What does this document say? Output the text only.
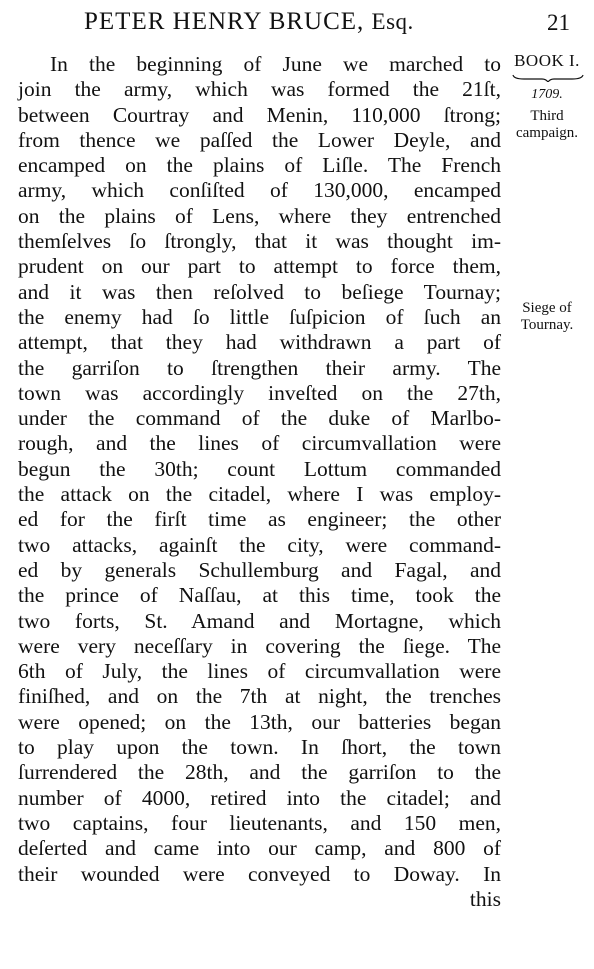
PETER HENRY BRUCE, Esq.	21
BOOK I.
1709.
Third
campaign.
Siege of
Tournay.
In the beginning of June we marched to
join the army, which was formed the 21ſt,
between Courtray and Menin, 110,000 ſtrong;
from thence we paſſed the Lower Deyle, and
encamped on the plains of Liſle. The French
army, which conſiſted of 130,000, encamped
on the plains of Lens, where they entrenched
themſelves ſo ſtrongly, that it was thought im-
prudent on our part to attempt to force them,
and it was then reſolved to beſiege Tournay;
the enemy had ſo little ſuſpicion of ſuch an
attempt, that they had withdrawn a part of
the garriſon to ſtrengthen their army. The
town was accordingly inveſted on the 27th,
under the command of the duke of Marlbo-
rough, and the lines of circumvallation were
begun the 30th; count Lottum commanded
the attack on the citadel, where I was employ-
ed for the firſt time as engineer; the other
two attacks, againſt the city, were command-
ed by generals Schullemburg and Fagal, and
the prince of Naſſau, at this time, took the
two forts, St. Amand and Mortagne, which
were very neceſſary in covering the ſiege. The
6th of July, the lines of circumvallation were
finiſhed, and on the 7th at night, the trenches
were opened; on the 13th, our batteries began
to play upon the town. In ſhort, the town
ſurrendered the 28th, and the garriſon to the
number of 4000, retired into the citadel; and
two captains, four lieutenants, and 150 men,
deſerted and came into our camp, and 800 of
their wounded were conveyed to Doway. In
this
